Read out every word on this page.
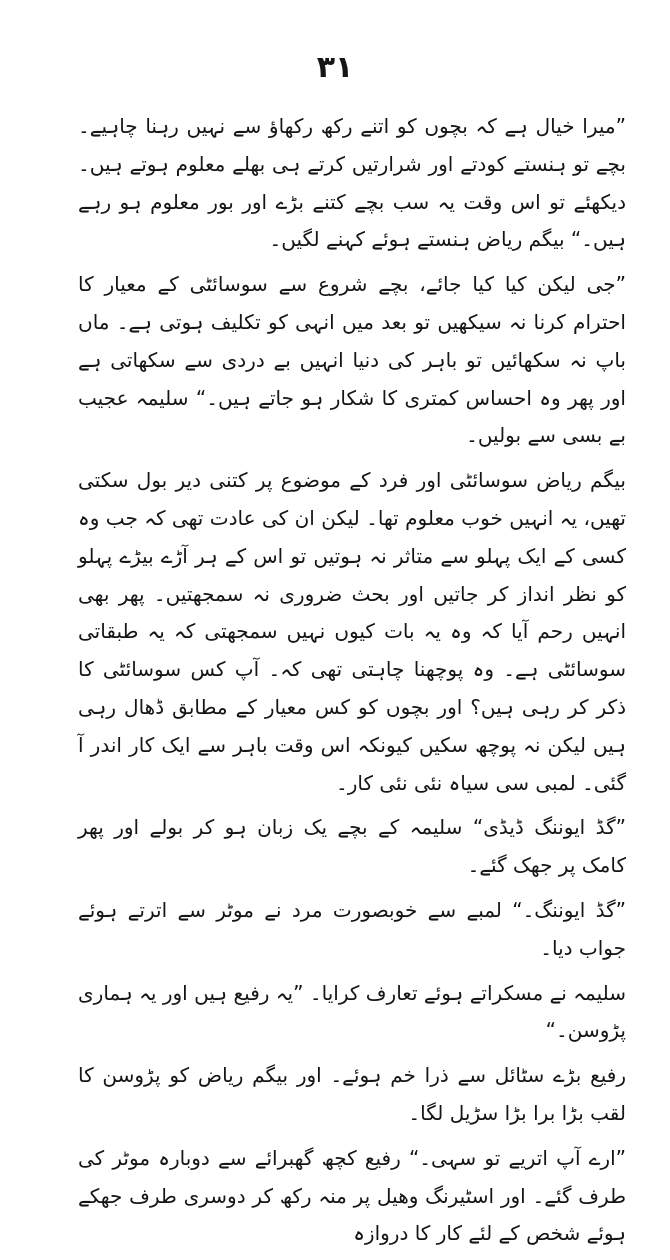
۳۱

”میرا خیال ہے کہ بچوں کو اتنے رکھ رکھاؤ سے نہیں رہنا چاہیے۔ بچے تو ہنستے کودتے اور شرارتیں کرتے ہی بھلے معلوم ہوتے ہیں۔ دیکھئے تو اس وقت یہ سب بچے کتنے بڑے اور بور معلوم ہو رہے ہیں۔“ بیگم ریاض ہنستے ہوئے کہنے لگیں۔

”جی لیکن کیا کیا جائے، بچے شروع سے سوسائٹی کے معیار کا احترام کرنا نہ سیکھیں تو بعد میں انہی کو تکلیف ہوتی ہے۔ ماں باپ نہ سکھائیں تو باہر کی دنیا انہیں بے دردی سے سکھاتی ہے اور پھر وہ احساس کمتری کا شکار ہو جاتے ہیں۔“ سلیمہ عجیب بے بسی سے بولیں۔

بیگم ریاض سوسائٹی اور فرد کے موضوع پر کتنی دیر بول سکتی تھیں، یہ انہیں خوب معلوم تھا۔ لیکن ان کی عادت تھی کہ جب وہ کسی کے ایک پہلو سے متاثر نہ ہوتیں تو اس کے ہر آڑے بیڑے پہلو کو نظر انداز کر جاتیں اور بحث ضروری نہ سمجھتیں۔ پھر بھی انہیں رحم آیا کہ وہ یہ بات کیوں نہیں سمجھتی کہ یہ طبقاتی سوسائٹی ہے۔ وہ پوچھنا چاہتی تھی کہ۔ آپ کس سوسائٹی کا ذکر کر رہی ہیں؟ اور بچوں کو کس معیار کے مطابق ڈھال رہی ہیں لیکن نہ پوچھ سکیں کیونکہ اس وقت باہر سے ایک کار اندر آ گئی۔ لمبی سی سیاہ نئی نئی کار۔

”گڈ ایوننگ ڈیڈی“ سلیمہ کے بچے یک زبان ہو کر بولے اور پھر کامک پر جھک گئے۔

”گڈ ایوننگ۔“ لمبے سے خوبصورت مرد نے موٹر سے اترتے ہوئے جواب دیا۔

سلیمہ نے مسکراتے ہوئے تعارف کرایا۔ ”یہ رفیع ہیں اور یہ ہماری پڑوسن۔“

رفیع بڑے سٹائل سے ذرا خم ہوئے۔ اور بیگم ریاض کو پڑوسن کا لقب بڑا برا بڑا سڑیل لگا۔

”ارے آپ اتریے تو سہی۔“ رفیع کچھ گھبرائے سے دوبارہ موٹر کی طرف گئے۔ اور اسٹیرنگ وھیل پر منہ رکھ کر دوسری طرف جھکے ہوئے شخص کے لئے کار کا دروازہ
